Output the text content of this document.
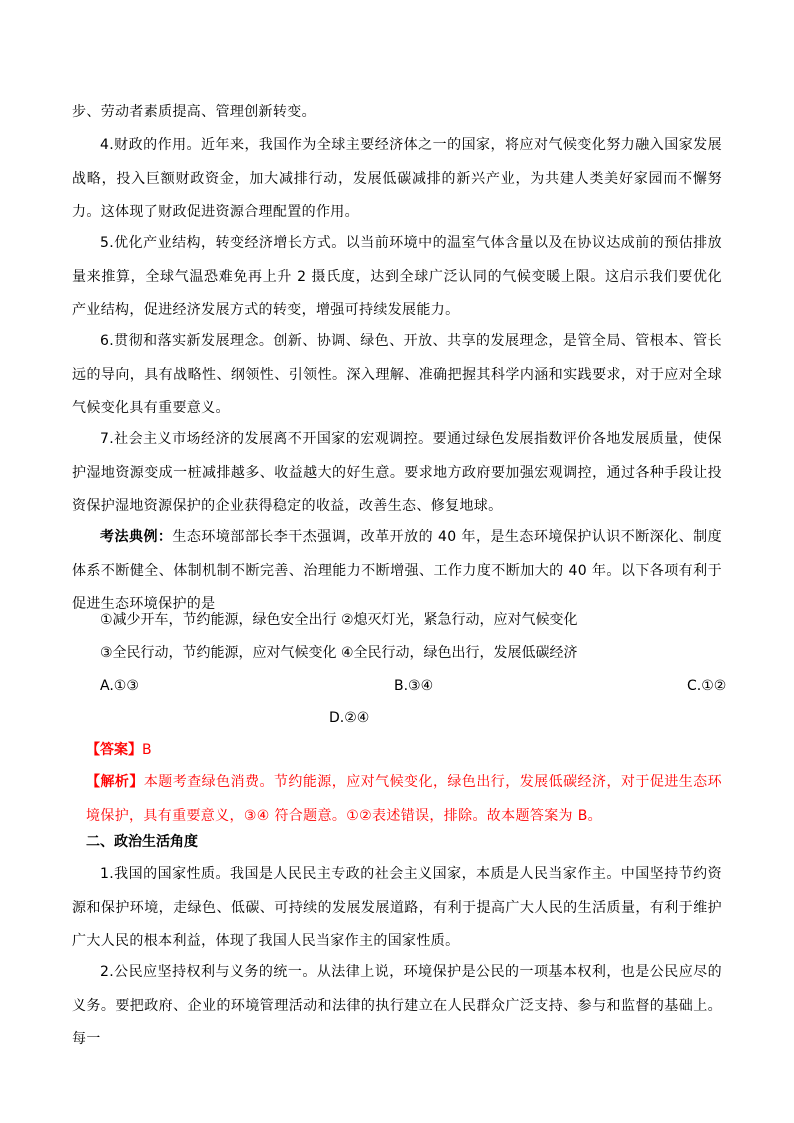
步、劳动者素质提高、管理创新转变。

4.财政的作用。近年来，我国作为全球主要经济体之一的国家，将应对气候变化努力融入国家发展战略，投入巨额财政资金，加大减排行动，发展低碳减排的新兴产业，为共建人类美好家园而不懈努力。这体现了财政促进资源合理配置的作用。

5.优化产业结构，转变经济增长方式。以当前环境中的温室气体含量以及在协议达成前的预估排放量来推算，全球气温恐难免再上升 2 摄氏度，达到全球广泛认同的气候变暖上限。这启示我们要优化产业结构，促进经济发展方式的转变，增强可持续发展能力。

6.贯彻和落实新发展理念。创新、协调、绿色、开放、共享的发展理念，是管全局、管根本、管长远的导向，具有战略性、纲领性、引领性。深入理解、准确把握其科学内涵和实践要求，对于应对全球气候变化具有重要意义。

7.社会主义市场经济的发展离不开国家的宏观调控。要通过绿色发展指数评价各地发展质量，使保护湿地资源变成一桩减排越多、收益越大的好生意。要求地方政府要加强宏观调控，通过各种手段让投资保护湿地资源保护的企业获得稳定的收益，改善生态、修复地球。

考法典例：生态环境部部长李干杰强调，改革开放的 40 年，是生态环境保护认识不断深化、制度体系不断健全、体制机制不断完善、治理能力不断增强、工作力度不断加大的 40 年。以下各项有利于促进生态环境保护的是

①减少开车，节约能源，绿色安全出行 ②熄灭灯光，紧急行动，应对气候变化

③全民行动，节约能源，应对气候变化 ④全民行动，绿色出行，发展低碳经济

A.①③	B.③④	C.①②

D.②④

【答案】B

【解析】本题考查绿色消费。节约能源，应对气候变化，绿色出行，发展低碳经济，对于促进生态环境保护，具有重要意义，③④ 符合题意。①②表述错误，排除。故本题答案为 B。

二、政治生活角度

1.我国的国家性质。我国是人民民主专政的社会主义国家，本质是人民当家作主。中国坚持节约资源和保护环境，走绿色、低碳、可持续的发展发展道路，有利于提高广大人民的生活质量，有利于维护广大人民的根本利益，体现了我国人民当家作主的国家性质。

2.公民应坚持权利与义务的统一。从法律上说，环境保护是公民的一项基本权利，也是公民应尽的义务。要把政府、企业的环境管理活动和法律的执行建立在人民群众广泛支持、参与和监督的基础上。每一
